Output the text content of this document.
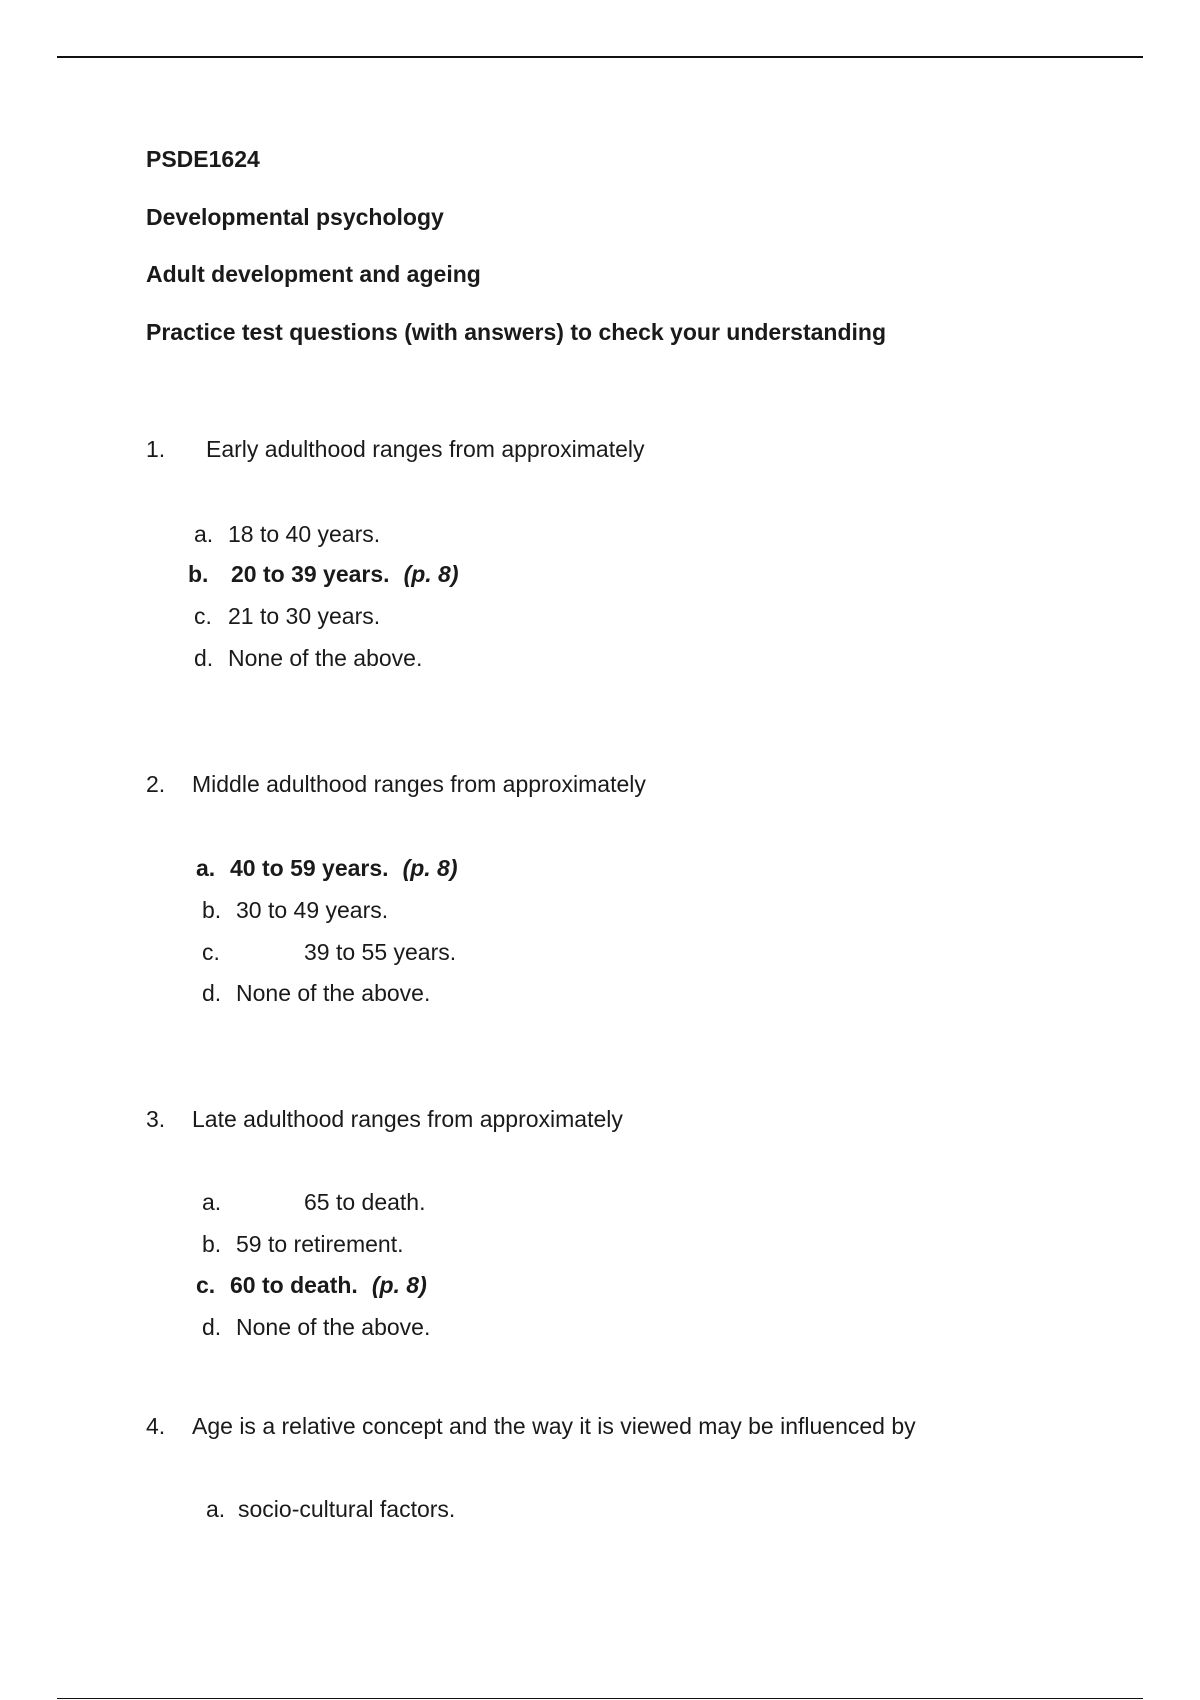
PSDE1624

Developmental psychology

Adult development and ageing

Practice test questions (with answers) to check your understanding

1. Early adulthood ranges from approximately
a. 18 to 40 years.
b. 20 to 39 years. (p. 8)
c. 21 to 30 years.
d. None of the above.
2. Middle adulthood ranges from approximately
a. 40 to 59 years. (p. 8)
b. 30 to 49 years.
c.	39 to 55 years.
d. None of the above.
3. Late adulthood ranges from approximately
a.	65 to death.
b. 59 to retirement.
c. 60 to death. (p. 8)
d. None of the above.
4. Age is a relative concept and the way it is viewed may be influenced by
a. socio-cultural factors.
